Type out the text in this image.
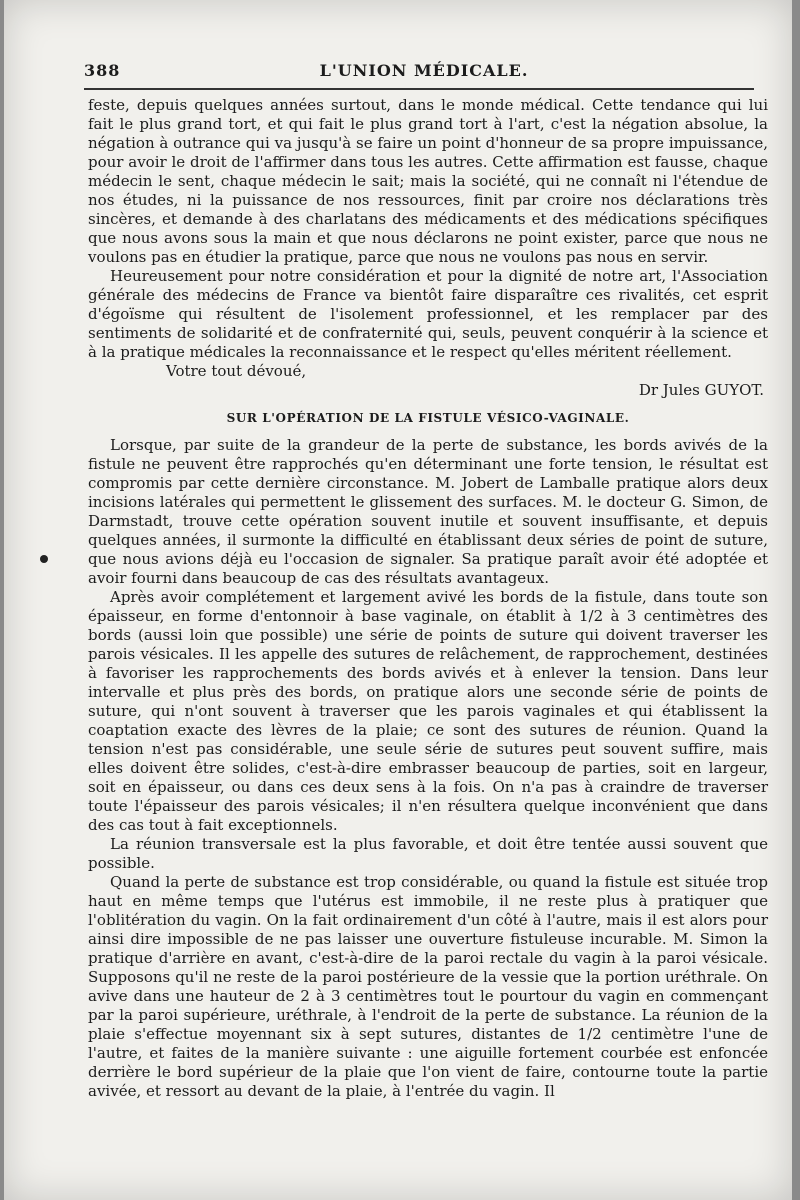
388	L'UNION MÉDICALE.

feste, depuis quelques années surtout, dans le monde médical. Cette tendance qui lui fait le plus grand tort, et qui fait le plus grand tort à l'art, c'est la négation absolue, la négation à outrance qui va jusqu'à se faire un point d'honneur de sa propre impuissance, pour avoir le droit de l'affirmer dans tous les autres. Cette affirmation est fausse, chaque médecin le sent, chaque médecin le sait; mais la société, qui ne connaît ni l'étendue de nos études, ni la puissance de nos ressources, finit par croire nos déclarations très sincères, et demande à des charlatans des médicaments et des médications spécifiques que nous avons sous la main et que nous déclarons ne point exister, parce que nous ne voulons pas en étudier la pratique, parce que nous ne voulons pas nous en servir.

Heureusement pour notre considération et pour la dignité de notre art, l'Association générale des médecins de France va bientôt faire disparaître ces rivalités, cet esprit d'égoïsme qui résultent de l'isolement professionnel, et les remplacer par des sentiments de solidarité et de confraternité qui, seuls, peuvent conquérir à la science et à la pratique médicales la reconnaissance et le respect qu'elles méritent réellement.

Votre tout dévoué,
Dr Jules GUYOT.
SUR L'OPÉRATION DE LA FISTULE VÉSICO-VAGINALE.

Lorsque, par suite de la grandeur de la perte de substance, les bords avivés de la fistule ne peuvent être rapprochés qu'en déterminant une forte tension, le résultat est compromis par cette dernière circonstance. M. Jobert de Lamballe pratique alors deux incisions latérales qui permettent le glissement des surfaces. M. le docteur G. Simon, de Darmstadt, trouve cette opération souvent inutile et souvent insuffisante, et depuis quelques années, il surmonte la difficulté en établissant deux séries de point de suture, que nous avions déjà eu l'occasion de signaler. Sa pratique paraît avoir été adoptée et avoir fourni dans beaucoup de cas des résultats avantageux.

Après avoir complétement et largement avivé les bords de la fistule, dans toute son épaisseur, en forme d'entonnoir à base vaginale, on établit à 1/2 à 3 centimètres des bords (aussi loin que possible) une série de points de suture qui doivent traverser les parois vésicales. Il les appelle des sutures de relâchement, de rapprochement, destinées à favoriser les rapprochements des bords avivés et à enlever la tension. Dans leur intervalle et plus près des bords, on pratique alors une seconde série de points de suture, qui n'ont souvent à traverser que les parois vaginales et qui établissent la coaptation exacte des lèvres de la plaie; ce sont des sutures de réunion. Quand la tension n'est pas considérable, une seule série de sutures peut souvent suffire, mais elles doivent être solides, c'est-à-dire embrasser beaucoup de parties, soit en largeur, soit en épaisseur, ou dans ces deux sens à la fois. On n'a pas à craindre de traverser toute l'épaisseur des parois vésicales; il n'en résultera quelque inconvénient que dans des cas tout à fait exceptionnels.

La réunion transversale est la plus favorable, et doit être tentée aussi souvent que possible.

Quand la perte de substance est trop considérable, ou quand la fistule est située trop haut en même temps que l'utérus est immobile, il ne reste plus à pratiquer que l'oblitération du vagin. On la fait ordinairement d'un côté à l'autre, mais il est alors pour ainsi dire impossible de ne pas laisser une ouverture fistuleuse incurable. M. Simon la pratique d'arrière en avant, c'est-à-dire de la paroi rectale du vagin à la paroi vésicale. Supposons qu'il ne reste de la paroi postérieure de la vessie que la portion uréthrale. On avive dans une hauteur de 2 à 3 centimètres tout le pourtour du vagin en commençant par la paroi supérieure, uréthrale, à l'endroit de la perte de substance. La réunion de la plaie s'effectue moyennant six à sept sutures, distantes de 1/2 centimètre l'une de l'autre, et faites de la manière suivante : une aiguille fortement courbée est enfoncée derrière le bord supérieur de la plaie que l'on vient de faire, contourne toute la partie avivée, et ressort au devant de la plaie, à l'entrée du vagin. Il
